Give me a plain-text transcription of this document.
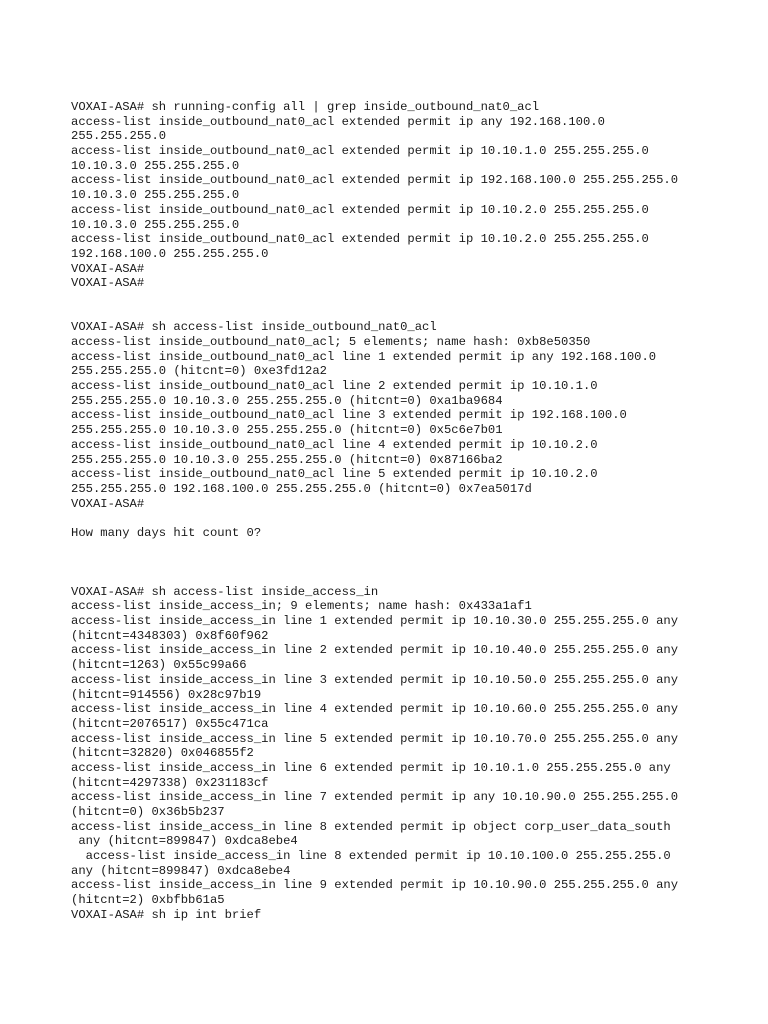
VOXAI-ASA# sh running-config all | grep inside_outbound_nat0_acl
access-list inside_outbound_nat0_acl extended permit ip any 192.168.100.0
255.255.255.0
access-list inside_outbound_nat0_acl extended permit ip 10.10.1.0 255.255.255.0
10.10.3.0 255.255.255.0
access-list inside_outbound_nat0_acl extended permit ip 192.168.100.0 255.255.255.0
10.10.3.0 255.255.255.0
access-list inside_outbound_nat0_acl extended permit ip 10.10.2.0 255.255.255.0
10.10.3.0 255.255.255.0
access-list inside_outbound_nat0_acl extended permit ip 10.10.2.0 255.255.255.0
192.168.100.0 255.255.255.0
VOXAI-ASA#
VOXAI-ASA#
VOXAI-ASA# sh access-list inside_outbound_nat0_acl
access-list inside_outbound_nat0_acl; 5 elements; name hash: 0xb8e50350
access-list inside_outbound_nat0_acl line 1 extended permit ip any 192.168.100.0
255.255.255.0 (hitcnt=0) 0xe3fd12a2
access-list inside_outbound_nat0_acl line 2 extended permit ip 10.10.1.0
255.255.255.0 10.10.3.0 255.255.255.0 (hitcnt=0) 0xa1ba9684
access-list inside_outbound_nat0_acl line 3 extended permit ip 192.168.100.0
255.255.255.0 10.10.3.0 255.255.255.0 (hitcnt=0) 0x5c6e7b01
access-list inside_outbound_nat0_acl line 4 extended permit ip 10.10.2.0
255.255.255.0 10.10.3.0 255.255.255.0 (hitcnt=0) 0x87166ba2
access-list inside_outbound_nat0_acl line 5 extended permit ip 10.10.2.0
255.255.255.0 192.168.100.0 255.255.255.0 (hitcnt=0) 0x7ea5017d
VOXAI-ASA#
How many days hit count 0?
VOXAI-ASA# sh access-list inside_access_in
access-list inside_access_in; 9 elements; name hash: 0x433a1af1
access-list inside_access_in line 1 extended permit ip 10.10.30.0 255.255.255.0 any
(hitcnt=4348303) 0x8f60f962
access-list inside_access_in line 2 extended permit ip 10.10.40.0 255.255.255.0 any
(hitcnt=1263) 0x55c99a66
access-list inside_access_in line 3 extended permit ip 10.10.50.0 255.255.255.0 any
(hitcnt=914556) 0x28c97b19
access-list inside_access_in line 4 extended permit ip 10.10.60.0 255.255.255.0 any
(hitcnt=2076517) 0x55c471ca
access-list inside_access_in line 5 extended permit ip 10.10.70.0 255.255.255.0 any
(hitcnt=32820) 0x046855f2
access-list inside_access_in line 6 extended permit ip 10.10.1.0 255.255.255.0 any
(hitcnt=4297338) 0x231183cf
access-list inside_access_in line 7 extended permit ip any 10.10.90.0 255.255.255.0
(hitcnt=0) 0x36b5b237
access-list inside_access_in line 8 extended permit ip object corp_user_data_south
any (hitcnt=899847) 0xdca8ebe4
access-list inside_access_in line 8 extended permit ip 10.10.100.0 255.255.255.0
any (hitcnt=899847) 0xdca8ebe4
access-list inside_access_in line 9 extended permit ip 10.10.90.0 255.255.255.0 any
(hitcnt=2) 0xbfbb61a5
VOXAI-ASA# sh ip int brief
